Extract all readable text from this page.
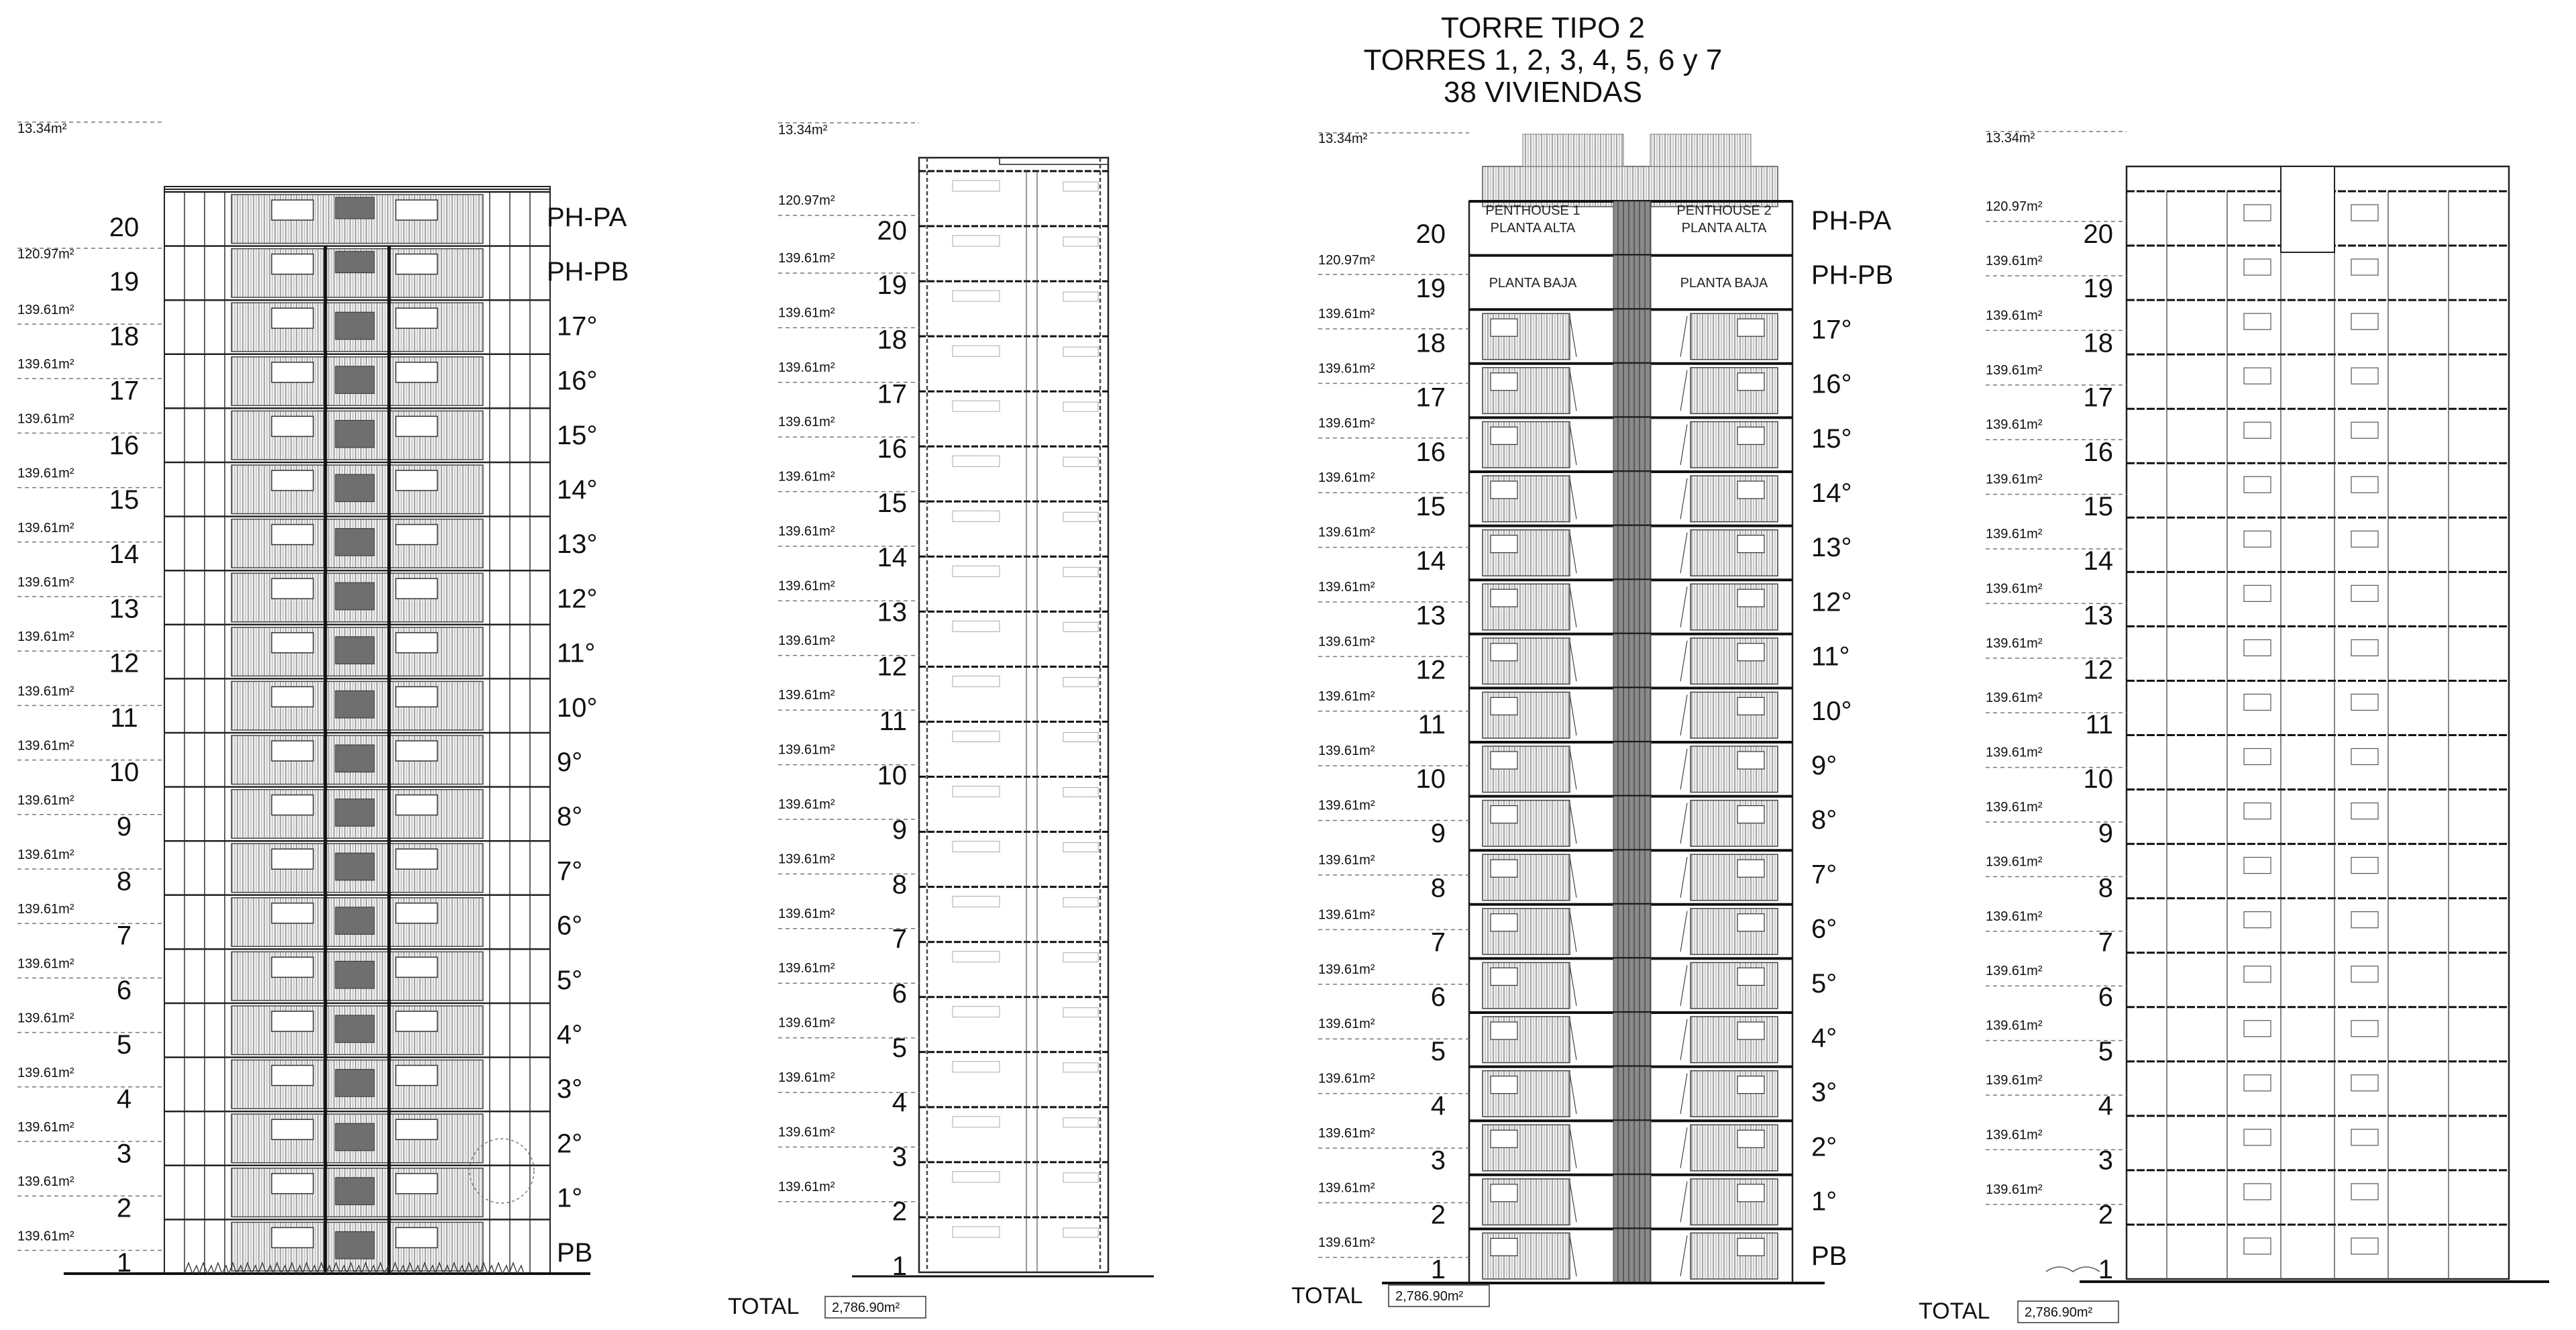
TORRE TIPO 2
TORRES 1, 2, 3, 4, 5, 6 y 7
38 VIVIENDAS
13.34m²
120.97m²
139.61m²
139.61m²
139.61m²
139.61m²
139.61m²
139.61m²
139.61m²
139.61m²
139.61m²
139.61m²
139.61m²
139.61m²
139.61m²
139.61m²
139.61m²
139.61m²
139.61m²
139.61m²
20
19
18
17
16
15
14
13
12
11
10
9
8
7
6
5
4
3
2
1
PH-PA
PH-PB
17°
16°
15°
14°
13°
12°
11°
10°
9°
8°
7°
6°
5°
4°
3°
2°
1°
PB
13.34m²
120.97m²
139.61m²
139.61m²
139.61m²
139.61m²
139.61m²
139.61m²
139.61m²
139.61m²
139.61m²
139.61m²
139.61m²
139.61m²
139.61m²
139.61m²
139.61m²
139.61m²
139.61m²
139.61m²
20
19
18
17
16
15
14
13
12
11
10
9
8
7
6
5
4
3
2
1
TOTAL 2,786.90m²
PENTHOUSE 1
PLANTA ALTA
PENTHOUSE 2
PLANTA ALTA
PLANTA BAJA	PLANTA BAJA
13.34m²
120.97m²
139.61m²
139.61m²
139.61m²
139.61m²
139.61m²
139.61m²
139.61m²
139.61m²
139.61m²
139.61m²
139.61m²
139.61m²
139.61m²
139.61m²
139.61m²
139.61m²
139.61m²
139.61m²
20
19
18
17
16
15
14
13
12
11
10
9
8
7
6
5
4
3
2
1
PH-PA
PH-PB
17°
16°
15°
14°
13°
12°
11°
10°
9°
8°
7°
6°
5°
4°
3°
2°
1°
PB
TOTAL 2,786.90m²
13.34m²
120.97m²
139.61m²
139.61m²
139.61m²
139.61m²
139.61m²
139.61m²
139.61m²
139.61m²
139.61m²
139.61m²
139.61m²
139.61m²
139.61m²
139.61m²
139.61m²
139.61m²
139.61m²
139.61m²
20
19
18
17
16
15
14
13
12
11
10
9
8
7
6
5
4
3
2
1
TOTAL	2,786.90m²
